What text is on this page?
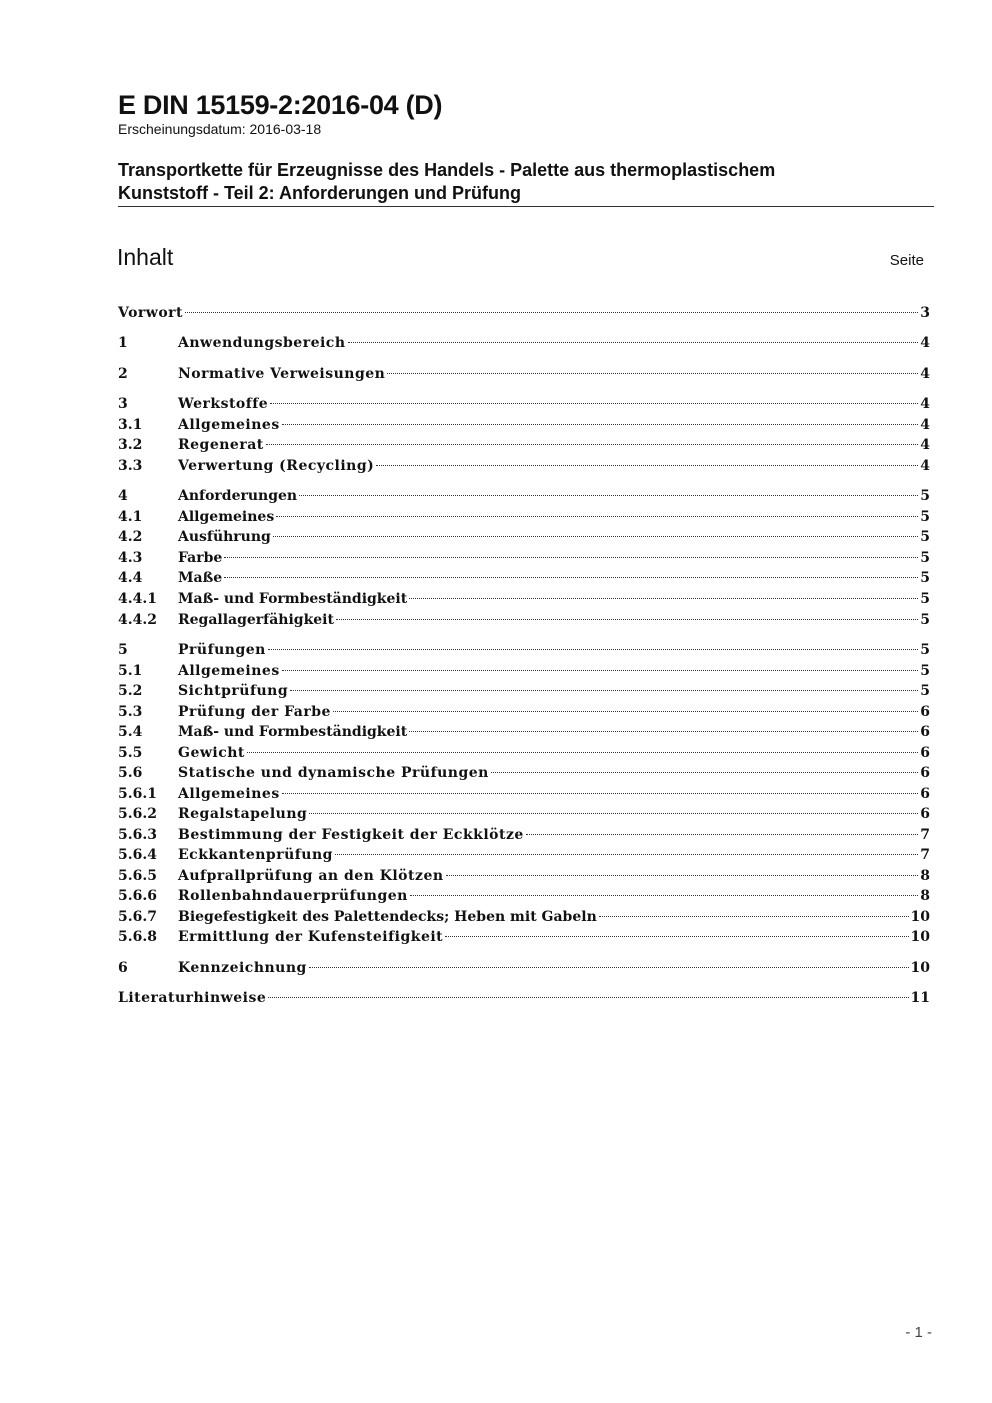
E DIN 15159-2:2016-04 (D)
Erscheinungsdatum: 2016-03-18
Transportkette für Erzeugnisse des Handels - Palette aus thermoplastischem
Kunststoff - Teil 2: Anforderungen und Prüfung
Inhalt	Seite
Vorwort	3
1	Anwendungsbereich	4
2	Normative Verweisungen	4
3	Werkstoffe	4
3.1	Allgemeines	4
3.2	Regenerat	4
3.3	Verwertung (Recycling)	4
4	Anforderungen	5
4.1	Allgemeines	5
4.2	Ausführung	5
4.3	Farbe	5
4.4	Maße	5
4.4.1	Maß- und Formbeständigkeit	5
4.4.2	Regallagerfähigkeit	5
5	Prüfungen	5
5.1	Allgemeines	5
5.2	Sichtprüfung	5
5.3	Prüfung der Farbe	6
5.4	Maß- und Formbeständigkeit	6
5.5	Gewicht	6
5.6	Statische und dynamische Prüfungen	6
5.6.1	Allgemeines	6
5.6.2	Regalstapelung	6
5.6.3	Bestimmung der Festigkeit der Eckklötze	7
5.6.4	Eckkantenprüfung	7
5.6.5	Aufprallprüfung an den Klötzen	8
5.6.6	Rollenbahndauerprüfungen	8
5.6.7	Biegefestigkeit des Palettendecks; Heben mit Gabeln	10
5.6.8	Ermittlung der Kufensteifigkeit	10
6	Kennzeichnung	10
Literaturhinweise	11
- 1 -
